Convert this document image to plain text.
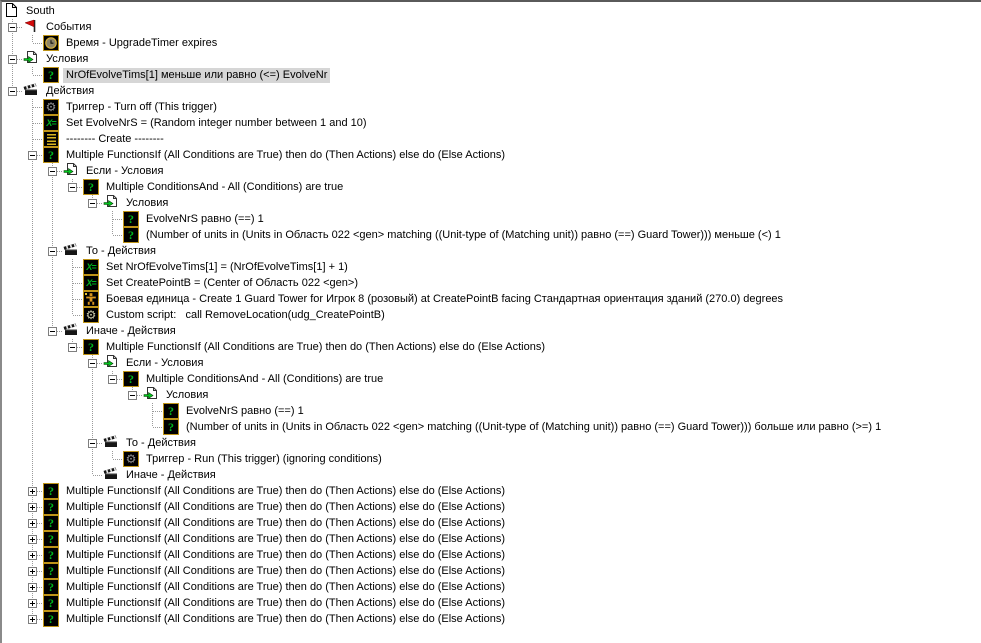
South
События
Время - UpgradeTimer expires
Условия
? NrOfEvolveTims[1] меньше или равно (<=) EvolveNr
Действия
⚙ Триггер - Turn off (This trigger)
X= Set EvolveNrS = (Random integer number between 1 and 10)
-------- Create --------
? Multiple FunctionsIf (All Conditions are True) then do (Then Actions) else do (Else Actions)
Если - Условия
? Multiple ConditionsAnd - All (Conditions) are true
Условия
? EvolveNrS равно (==) 1
? (Number of units in (Units in Область 022 <gen> matching ((Unit-type of (Matching unit)) равно (==) Guard Tower))) меньше (<) 1
То - Действия
X= Set NrOfEvolveTims[1] = (NrOfEvolveTims[1] + 1)
X= Set CreatePointB = (Center of Область 022 <gen>)
Боевая единица - Create 1 Guard Tower for Игрок 8 (розовый) at CreatePointB facing Стандартная ориентация зданий (270.0) degrees
⚙ Custom script:   call RemoveLocation(udg_CreatePointB)
Иначе - Действия
? Multiple FunctionsIf (All Conditions are True) then do (Then Actions) else do (Else Actions)
Если - Условия
? Multiple ConditionsAnd - All (Conditions) are true
Условия
? EvolveNrS равно (==) 1
? (Number of units in (Units in Область 022 <gen> matching ((Unit-type of (Matching unit)) равно (==) Guard Tower))) больше или равно (>=) 1
То - Действия
⚙ Триггер - Run (This trigger) (ignoring conditions)
Иначе - Действия
? Multiple FunctionsIf (All Conditions are True) then do (Then Actions) else do (Else Actions)
? Multiple FunctionsIf (All Conditions are True) then do (Then Actions) else do (Else Actions)
? Multiple FunctionsIf (All Conditions are True) then do (Then Actions) else do (Else Actions)
? Multiple FunctionsIf (All Conditions are True) then do (Then Actions) else do (Else Actions)
? Multiple FunctionsIf (All Conditions are True) then do (Then Actions) else do (Else Actions)
? Multiple FunctionsIf (All Conditions are True) then do (Then Actions) else do (Else Actions)
? Multiple FunctionsIf (All Conditions are True) then do (Then Actions) else do (Else Actions)
? Multiple FunctionsIf (All Conditions are True) then do (Then Actions) else do (Else Actions)
? Multiple FunctionsIf (All Conditions are True) then do (Then Actions) else do (Else Actions)
